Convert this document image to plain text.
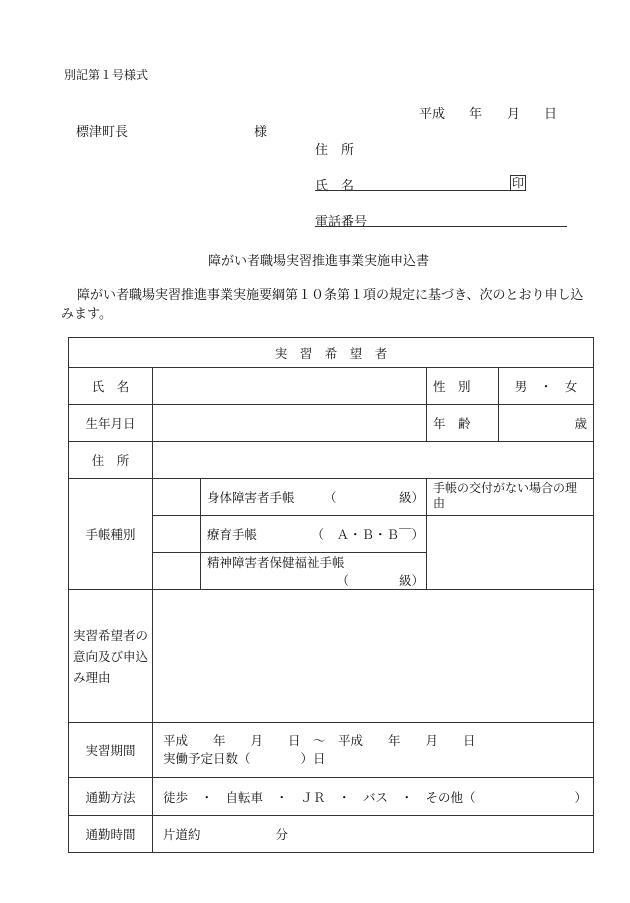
別記第１号様式
平成 年 月 日
標津町長	様
住　所
氏　名	印
電話番号
障がい者職場実習推進事業実施申込書
障がい者職場実習推進事業実施要綱第１０条第１項の規定に基づき、次のとおり申し込
みます。
実　習　希　望　者				
氏　名			性　別	男　・　女
生年月日			年　齢	歳
住　所				
手帳種別		身体障害者手帳 （　　　　　級）	手帳の交付がない場合の理由	
		療育手帳 （　Ａ・Ｂ・Ｂ￣）		

		精神障害者保健福祉手帳
（　　　　級）		

実習希望者の意向及び申込み理由				
実習期間	平成　　年　　月　　日　～　平成　　年　　月　　日
実働予定日数（　　　　）日			

通勤方法	徒歩　・　自転車　・　ＪＲ　・　バス　・　その他（ ）			

通勤時間	片道約　　　　　　分			
